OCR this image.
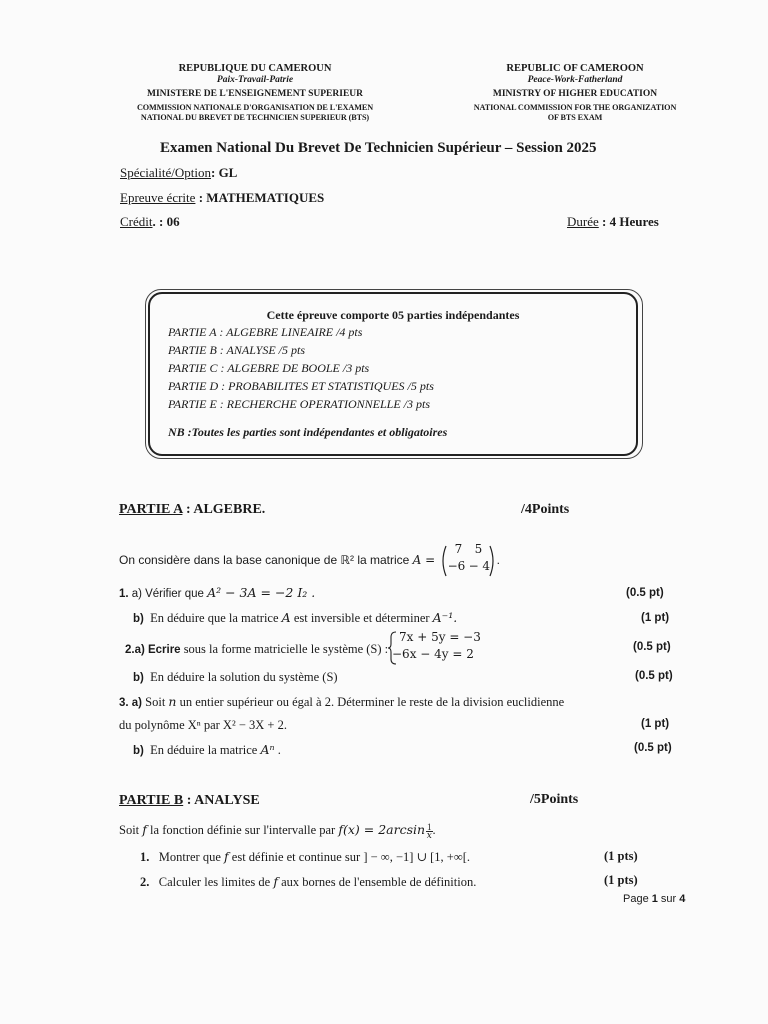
REPUBLIQUE DU CAMEROUN
Paix-Travail-Patrie
MINISTERE DE L'ENSEIGNEMENT SUPERIEUR
COMMISSION NATIONALE D'ORGANISATION DE L'EXAMEN
NATIONAL DU BREVET DE TECHNICIEN SUPERIEUR (BTS)
REPUBLIC OF CAMEROON
Peace-Work-Fatherland
MINISTRY OF HIGHER EDUCATION
NATIONAL COMMISSION FOR THE ORGANIZATION
OF BTS EXAM
Examen National Du Brevet De Technicien Supérieur – Session 2025
Spécialité/Option: GL
Epreuve écrite : MATHEMATIQUES
Crédit. : 06	Durée : 4 Heures
Cette épreuve comporte 05 parties indépendantes
PARTIE A : ALGEBRE LINEAIRE /4 pts
PARTIE B : ANALYSE /5 pts
PARTIE C : ALGEBRE DE BOOLE /3 pts
PARTIE D : PROBABILITES ET STATISTIQUES /5 pts
PARTIE E : RECHERCHE OPERATIONNELLE /3 pts
NB :Toutes les parties sont indépendantes et obligatoires
PARTIE A : ALGEBRE.	/4Points
On considère dans la base canonique de ℝ² la matrice A =
7 5
−6 − 4 .
1. a) Vérifier que A² − 3A = −2 I₂ .	(0.5 pt)
b) En déduire que la matrice A est inversible et déterminer A⁻¹.	(1 pt)
2.a) Ecrire sous la forme matricielle le système (S) :
7x + 5y = −3
−6x − 4y = 2	(0.5 pt)
b) En déduire la solution du système (S)	(0.5 pt)
3. a) Soit n un entier supérieur ou égal à 2. Déterminer le reste de la division euclidienne
du polynôme Xⁿ par X² − 3X + 2.	(1 pt)
b) En déduire la matrice Aⁿ .	(0.5 pt)
PARTIE B : ANALYSE	/5Points
Soit f la fonction définie sur l'intervalle par $f(x) = 2\arcsin \frac{1}{x}$ .
1. Montrer que f est définie et continue sur ] − ∞, −1] ∪ [1, +∞[.	(1 pts)
2. Calculer les limites de f aux bornes de l'ensemble de définition.	(1 pts)
Page 1 sur 4
